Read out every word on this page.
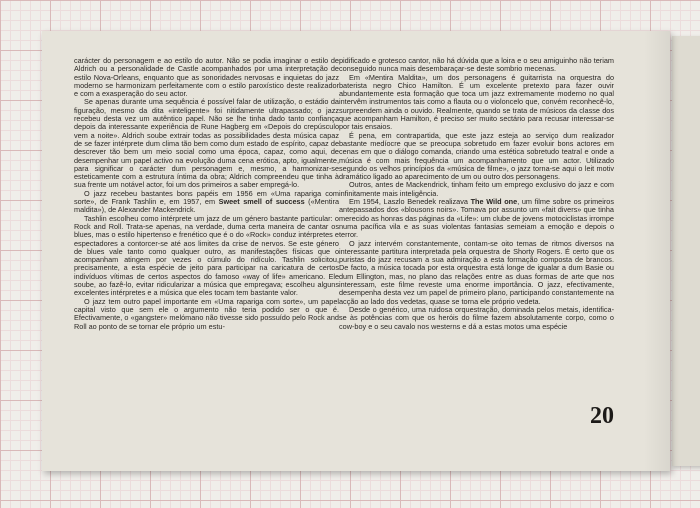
carácter do personagem e ao estilo do autor. Não se podia imaginar o estilo de Aldrich ou a personalidade de Castle acompanhados por uma interpretação de estilo Nova-Orleans, enquanto que as sonoridades nervosas e inquietas do jazz moderno se harmonizam perfeitamente com o estilo paroxístico deste realizador e com a exasperação do seu actor.

Se apenas durante uma sequência é possível falar de utilização, o estádio da figuração, mesmo da dita «inteligente» foi nitidamente ultrapassado; o jazz recebeu desta vez um autêntico papel. Não se lhe tinha dado tanto confiança depois da interessante experiência de Rune Hagberg em «Depois do crepúsculo vem a noite». Aldrich soube extrair todas as possibilidades desta música capaz de se fazer intérprete dum clima tão bem como dum estado de espírito, capaz de descrever tão bem um meio social como uma época, capaz, como aqui, de desempenhar um papel activo na evolução duma cena erótica, apto, igualmente, para significar o carácter dum personagem e, mesmo, a harmonizar-se esteticamente com a estrutura íntima da obra; Aldrich compreendeu que tinha à sua frente um notável actor, foi um dos primeiros a saber empregá-lo.

O jazz recebeu bastantes bons papéis em 1956 em «Uma rapariga com sorte», de Frank Tashlin e, em 1957, em Sweet smell of success («Mentira maldita»), de Alexander Mackendrick.

Tashlin escolheu como intérprete um jazz de um género bastante particular: o Rock and Roll. Trata-se apenas, na verdade, duma certa maneira de cantar os blues, mas o estilo hipertenso e frenético que é o do «Rock» conduz intérpretes e espectadores a contorcer-se até aos limites da crise de nervos. Se este género de blues vale tanto como qualquer outro, as manifestações físicas que o acompanham atingem por vezes o cúmulo do ridículo. Tashlin solicitou, precisamente, a esta espécie de jeito para participar na caricatura de certos indivíduos vítimas de certos aspectos do famoso «way of life» americano. Ele soube, ao fazê-lo, evitar ridicularizar a música que empregava; escolheu alguns excelentes intérpretes e a música que eles tocam tem bastante valor.

O jazz tem outro papel importante em «Uma rapariga com sorte», um papel capital visto que sem ele o argumento não teria podido ser o que é. Efectivamente, o «gangster» melómano não tivesse sido possuído pelo Rock and Roll ao ponto de se tornar ele próprio um estu-

pidificado e grotesco cantor, não há dúvida que a loira e o seu amiguinho não teriam conseguido nunca mais desembaraçar-se deste sombrio mecenas.

Em «Mentira Maldita», um dos personagens é guitarrista na orquestra do baterista negro Chico Hamilton. É um excelente pretexto para fazer ouvir abundantemente esta formação que toca um jazz extremamente moderno no qual intervêm instrumentos tais como a flauta ou o violoncelo que, convém reconhecê-lo, surpreendem ainda o ouvido. Realmente, quando se trata de músicos da classe dos que acompanham Hamilton, é preciso ser muito sectário para recusar interessar-se por tais ensaios.

É pena, em contrapartida, que este jazz esteja ao serviço dum realizador bastante medíocre que se preocupa sobretudo em fazer evoluir bons actores em cenas em que o diálogo comanda, criando uma estética sobretudo teatral e onde a música é com mais frequência um acompanhamento que um actor. Utilizado segundo os velhos princípios da «música de filme», o jazz torna-se aqui o leit motiv dramático ligado ao aparecimento de um ou outro dos personagens.

Outros, antes de Mackendrick, tinham feito um emprego exclusivo do jazz e com infinitamente mais inteligência.

Em 1954, Laszlo Benedek realizava The Wild one, um filme sobre os primeiros antepassados dos «blousons noirs». Tomava por assunto um «fait divers» que tinha merecido as honras das páginas da «Life»: um clube de jovens motociclistas irrompe numa pacífica vila e as suas violentas fantasias semeiam a emoção e depois o terror.

O jazz intervém constantemente, contam-se oito temas de ritmos diversos na interessante partitura interpretada pela orquestra de Shorty Rogers. É certo que os puristas do jazz recusam a sua admiração a esta formação composta de brancos. De facto, a música tocada por esta orquestra está longe de igualar a dum Basie ou dum Ellington, mas, no plano das relações entre as duas formas de arte que nos interessam, este filme reveste uma enorme importância. O jazz, efectivamente, desempenha desta vez um papel de primeiro plano, participando constantemente na acção ao lado dos vedetas, quase se torna ele próprio vedeta.

Desde o genérico, uma ruidosa orquestração, dominada pelos metais, identifica-se às potências com que os heróis do filme fazem absolutamente corpo, como o cow-boy e o seu cavalo nos westerns e dá a estas motos uma espécie

20
